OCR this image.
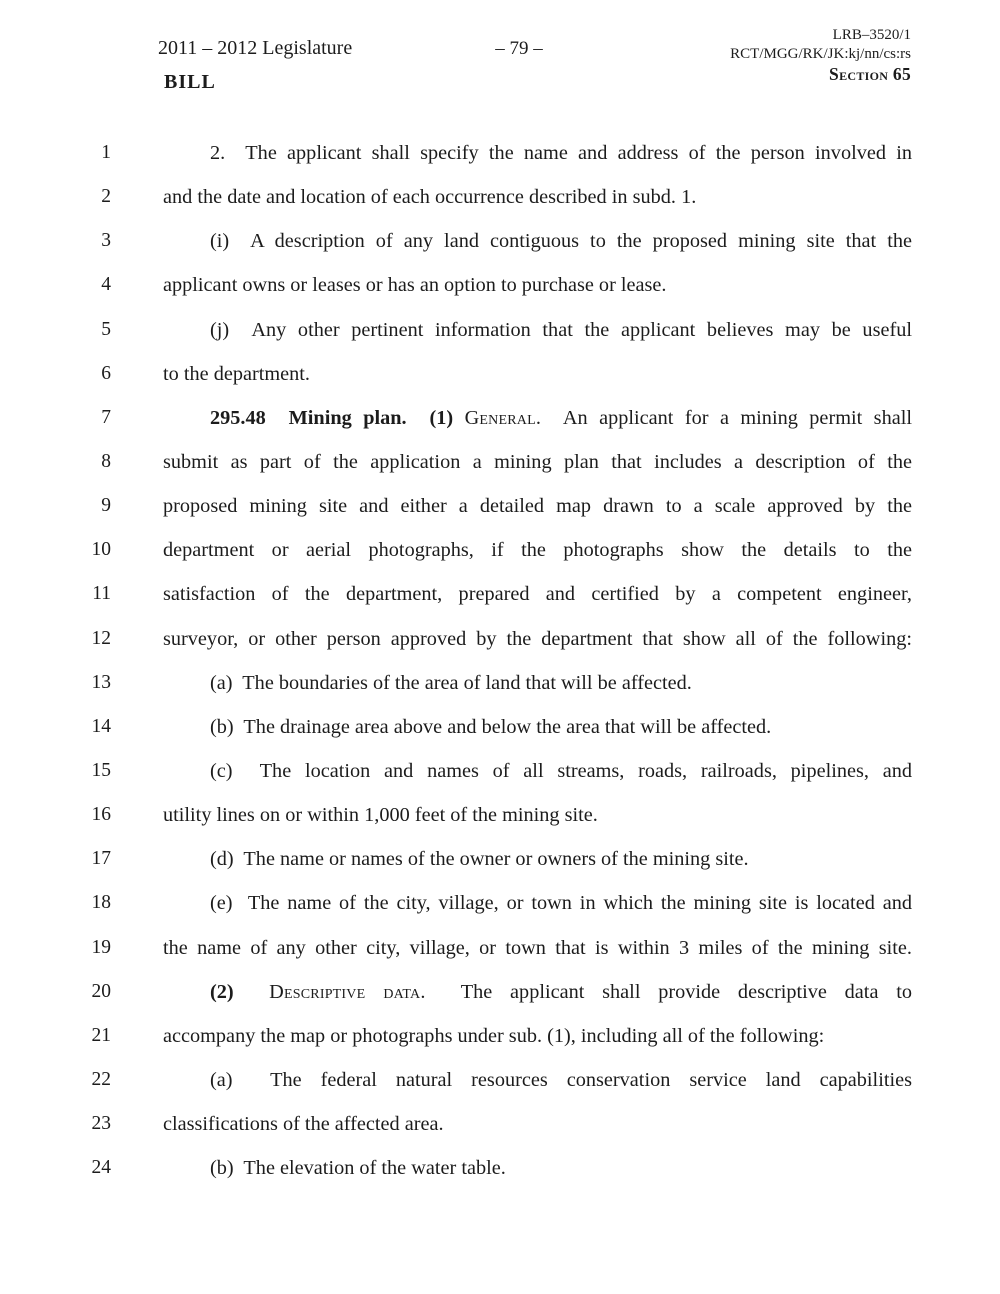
2011 – 2012 Legislature
BILL
– 79 –
LRB–3520/1
RCT/MGG/RK/JK:kj/nn/cs:rs
Section 65
1	2.  The applicant shall specify the name and address of the person involved in
2	and the date and location of each occurrence described in subd. 1.
3	(i)  A description of any land contiguous to the proposed mining site that the
4	applicant owns or leases or has an option to purchase or lease.
5	(j)  Any other pertinent information that the applicant believes may be useful
6	to the department.
7	295.48  Mining plan.  (1) General.  An applicant for a mining permit shall
8	submit as part of the application a mining plan that includes a description of the
9	proposed mining site and either a detailed map drawn to a scale approved by the
10	department or aerial photographs, if the photographs show the details to the
11	satisfaction of the department, prepared and certified by a competent engineer,
12	surveyor, or other person approved by the department that show all of the following:
13	(a)  The boundaries of the area of land that will be affected.
14	(b)  The drainage area above and below the area that will be affected.
15	(c)  The location and names of all streams, roads, railroads, pipelines, and
16	utility lines on or within 1,000 feet of the mining site.
17	(d)  The name or names of the owner or owners of the mining site.
18	(e)  The name of the city, village, or town in which the mining site is located and
19	the name of any other city, village, or town that is within 3 miles of the mining site.
20	(2)  Descriptive data.  The applicant shall provide descriptive data to
21	accompany the map or photographs under sub. (1), including all of the following:
22	(a)  The federal natural resources conservation service land capabilities
23	classifications of the affected area.
24	(b)  The elevation of the water table.
